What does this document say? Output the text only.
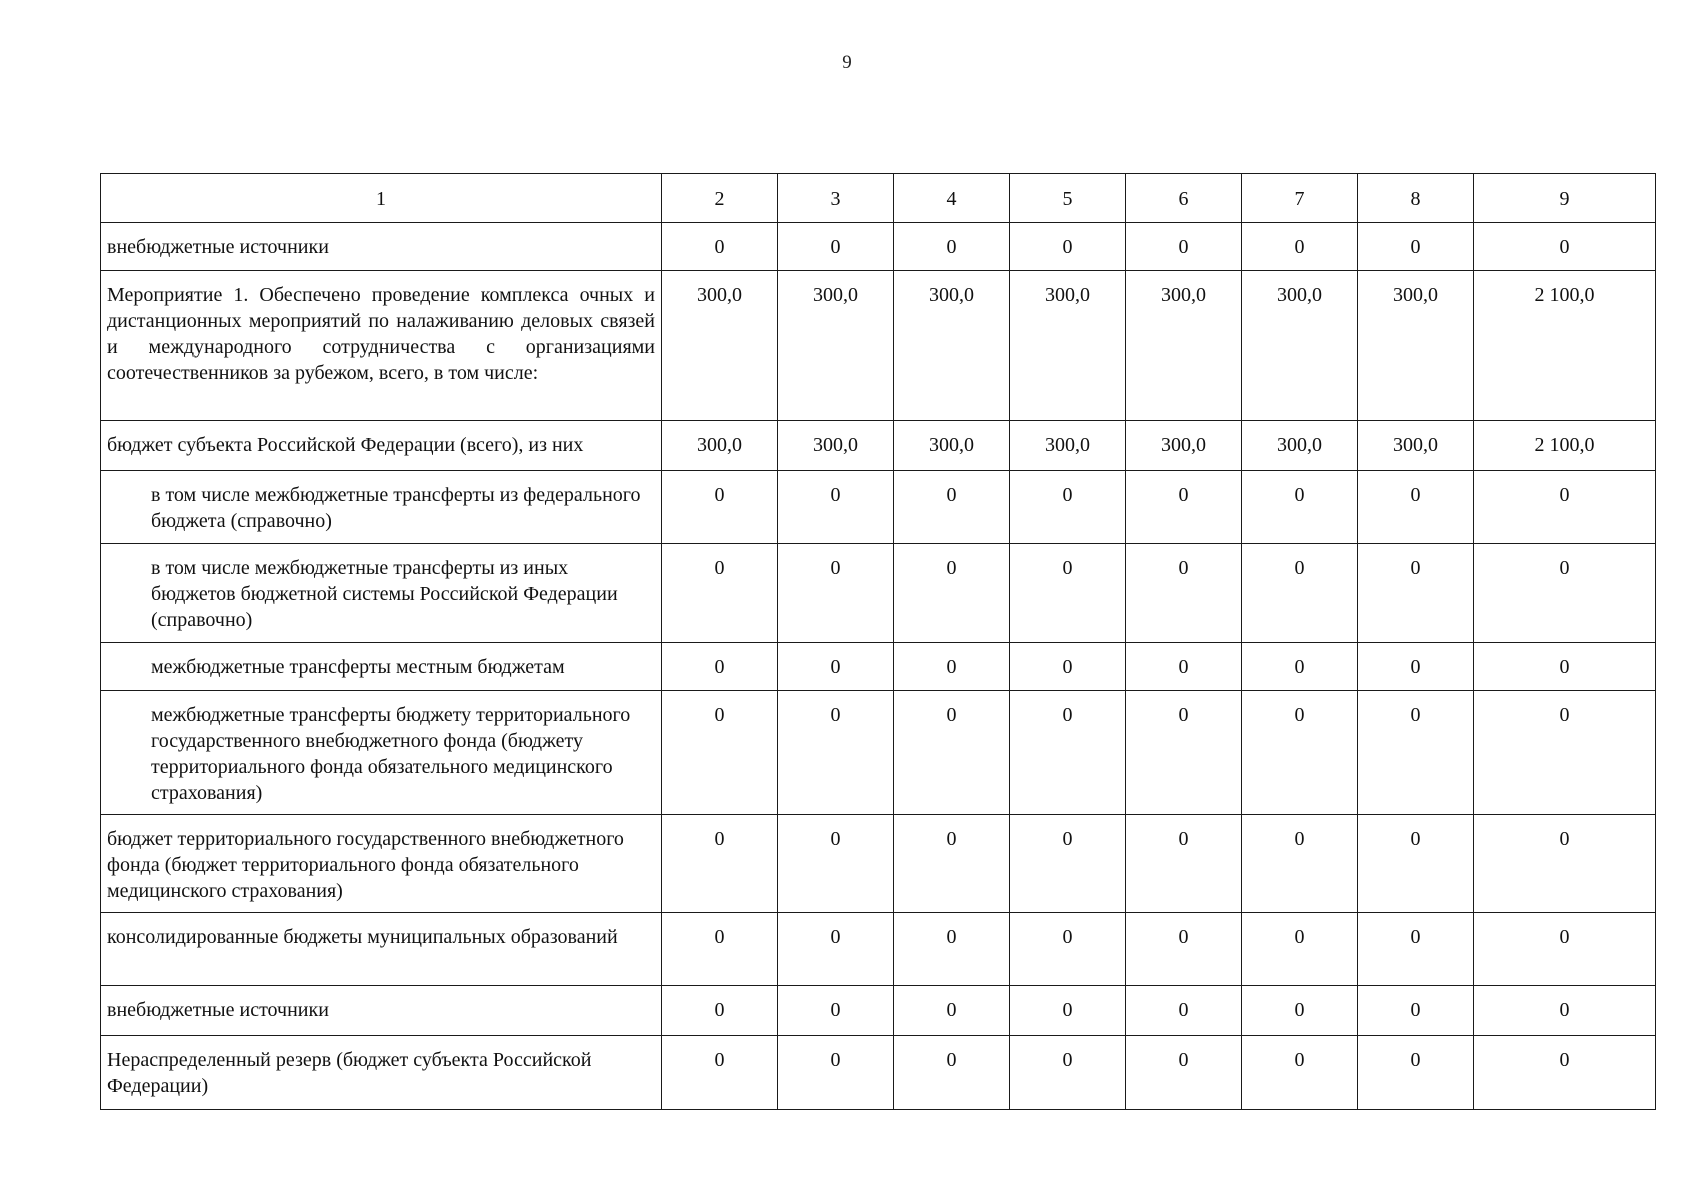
9
1	2	3	4	5	6	7	8	9
внебюджетные источники	0	0	0	0	0	0	0	0
Мероприятие 1. Обеспечено проведение комплекса очных и дистанционных мероприятий по налаживанию деловых связей и международного сотрудничества с организациями соотечественников за рубежом, всего, в том числе:	300,0	300,0	300,0	300,0	300,0	300,0	300,0	2 100,0
бюджет субъекта Российской Федерации (всего), из них	300,0	300,0	300,0	300,0	300,0	300,0	300,0	2 100,0
в том числе межбюджетные трансферты из федерального бюджета (справочно)	0	0	0	0	0	0	0	0
в том числе межбюджетные трансферты из иных бюджетов бюджетной системы Российской Федерации (справочно)	0	0	0	0	0	0	0	0
межбюджетные трансферты местным бюджетам	0	0	0	0	0	0	0	0
межбюджетные трансферты бюджету территориального государственного внебюджетного фонда (бюджету территориального фонда обязательного медицинского страхования)	0	0	0	0	0	0	0	0
бюджет территориального государственного внебюджетного фонда (бюджет территориального фонда обязательного медицинского страхования)	0	0	0	0	0	0	0	0
консолидированные бюджеты муниципальных образований	0	0	0	0	0	0	0	0
внебюджетные источники	0	0	0	0	0	0	0	0
Нераспределенный резерв (бюджет субъекта Российской Федерации)	0	0	0	0	0	0	0	0
